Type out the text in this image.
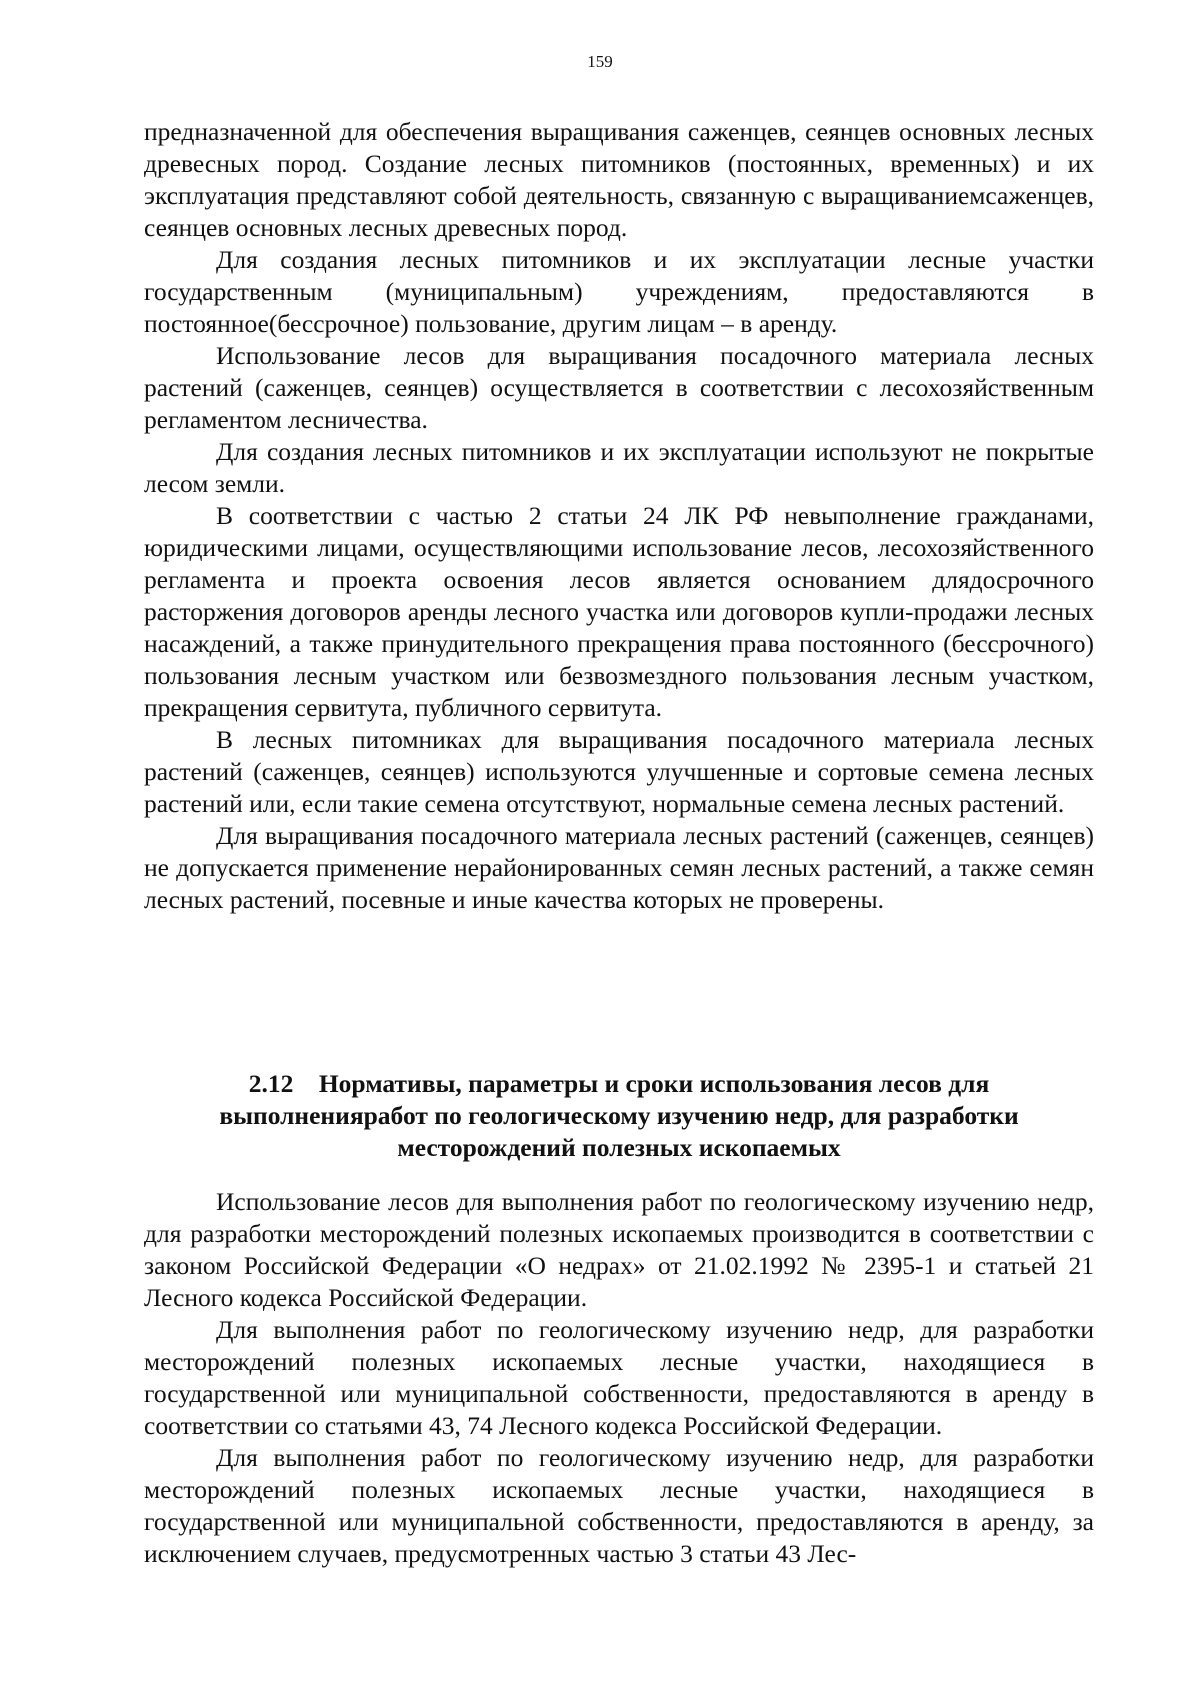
159

предназначенной для обеспечения выращивания саженцев, сеянцев основных лесных древесных пород. Создание лесных питомников (постоянных, временных) и их эксплуатация представляют собой деятельность, связанную с выращиваниемсаженцев, сеянцев основных лесных древесных пород.

Для создания лесных питомников и их эксплуатации лесные участки государственным (муниципальным) учреждениям, предоставляются в постоянное(бессрочное) пользование, другим лицам – в аренду.

Использование лесов для выращивания посадочного материала лесных растений (саженцев, сеянцев) осуществляется в соответствии с лесохозяйственным регламентом лесничества.

Для создания лесных питомников и их эксплуатации используют не покрытые лесом земли.

В соответствии с частью 2 статьи 24 ЛК РФ невыполнение гражданами, юридическими лицами, осуществляющими использование лесов, лесохозяйственного регламента и проекта освоения лесов является основанием длядосрочного расторжения договоров аренды лесного участка или договоров купли-продажи лесных насаждений, а также принудительного прекращения права постоянного (бессрочного) пользования лесным участком или безвозмездного пользования лесным участком, прекращения сервитута, публичного сервитута.

В лесных питомниках для выращивания посадочного материала лесных растений (саженцев, сеянцев) используются улучшенные и сортовые семена лесных растений или, если такие семена отсутствуют, нормальные семена лесных растений.

Для выращивания посадочного материала лесных растений (саженцев, сеянцев) не допускается применение нерайонированных семян лесных растений, а также семян лесных растений, посевные и иные качества которых не проверены.

2.12 Нормативы, параметры и сроки использования лесов для выполненияработ по геологическому изучению недр, для разработки месторождений полезных ископаемых

Использование лесов для выполнения работ по геологическому изучению недр, для разработки месторождений полезных ископаемых производится в соответствии с законом Российской Федерации «О недрах» от 21.02.1992 № 2395-1 и статьей 21 Лесного кодекса Российской Федерации.

Для выполнения работ по геологическому изучению недр, для разработки месторождений полезных ископаемых лесные участки, находящиеся в государственной или муниципальной собственности, предоставляются в аренду в соответствии со статьями 43, 74 Лесного кодекса Российской Федерации.

Для выполнения работ по геологическому изучению недр, для разработки месторождений полезных ископаемых лесные участки, находящиеся в государственной или муниципальной собственности, предоставляются в аренду, за исключением случаев, предусмотренных частью 3 статьи 43 Лес-
